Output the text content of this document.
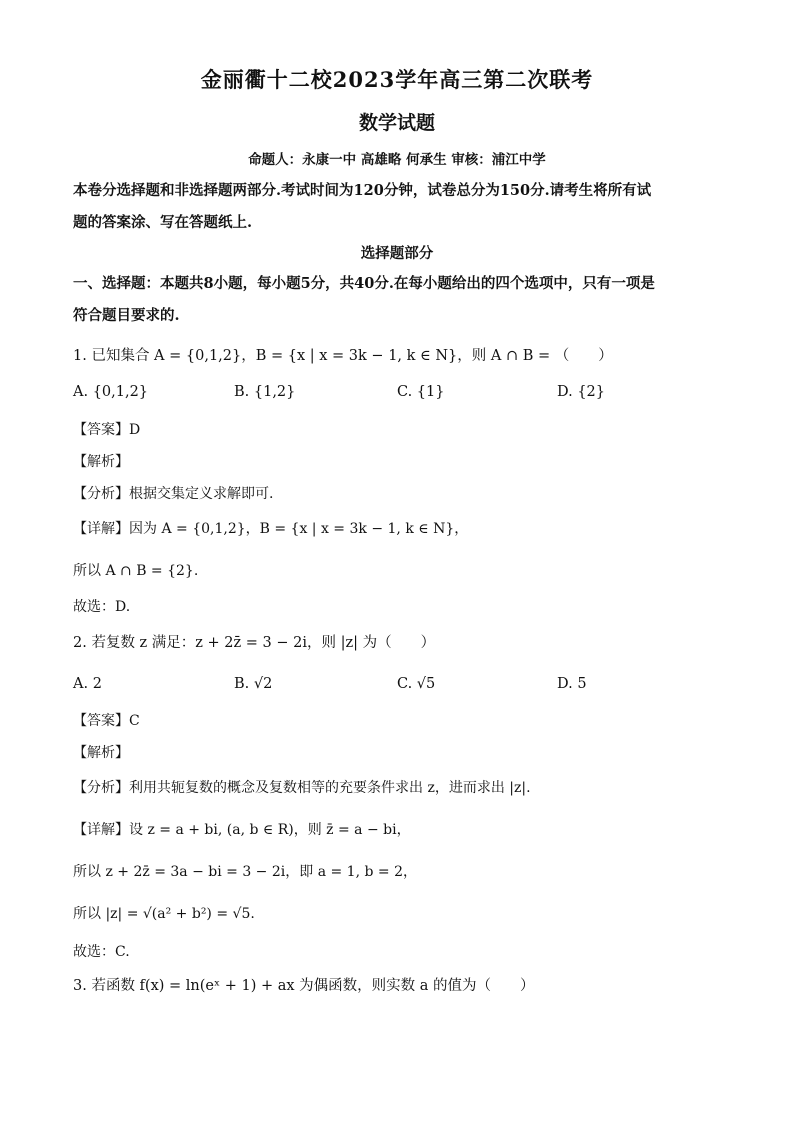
金丽衢十二校2023学年高三第二次联考
数学试题
命题人：永康一中 高雄略 何承生 审核：浦江中学
本卷分选择题和非选择题两部分.考试时间为120分钟，试卷总分为150分.请考生将所有试
题的答案涂、写在答题纸上.
选择题部分
一、选择题：本题共8小题，每小题5分，共40分.在每小题给出的四个选项中，只有一项是
符合题目要求的.
1. 已知集合 A = {0,1,2}，B = {x | x = 3k − 1, k ∈ N}，则 A ∩ B = （　　）
A. {0,1,2}	B. {1,2}	C. {1}	D. {2}
【答案】D
【解析】
【分析】根据交集定义求解即可.
【详解】因为 A = {0,1,2}，B = {x | x = 3k − 1, k ∈ N}，
所以 A ∩ B = {2}.
故选：D.
2. 若复数 z 满足：z + 2z̄ = 3 − 2i，则 |z| 为（　　）
A. 2	B. √2	C. √5	D. 5
【答案】C
【解析】
【分析】利用共轭复数的概念及复数相等的充要条件求出 z，进而求出 |z|.
【详解】设 z = a + bi, (a, b ∈ R)，则 z̄ = a − bi，
所以 z + 2z̄ = 3a − bi = 3 − 2i，即 a = 1, b = 2，
所以 |z| = √(a² + b²) = √5.
故选：C.
3. 若函数 f(x) = ln(eˣ + 1) + ax 为偶函数，则实数 a 的值为（　　）
